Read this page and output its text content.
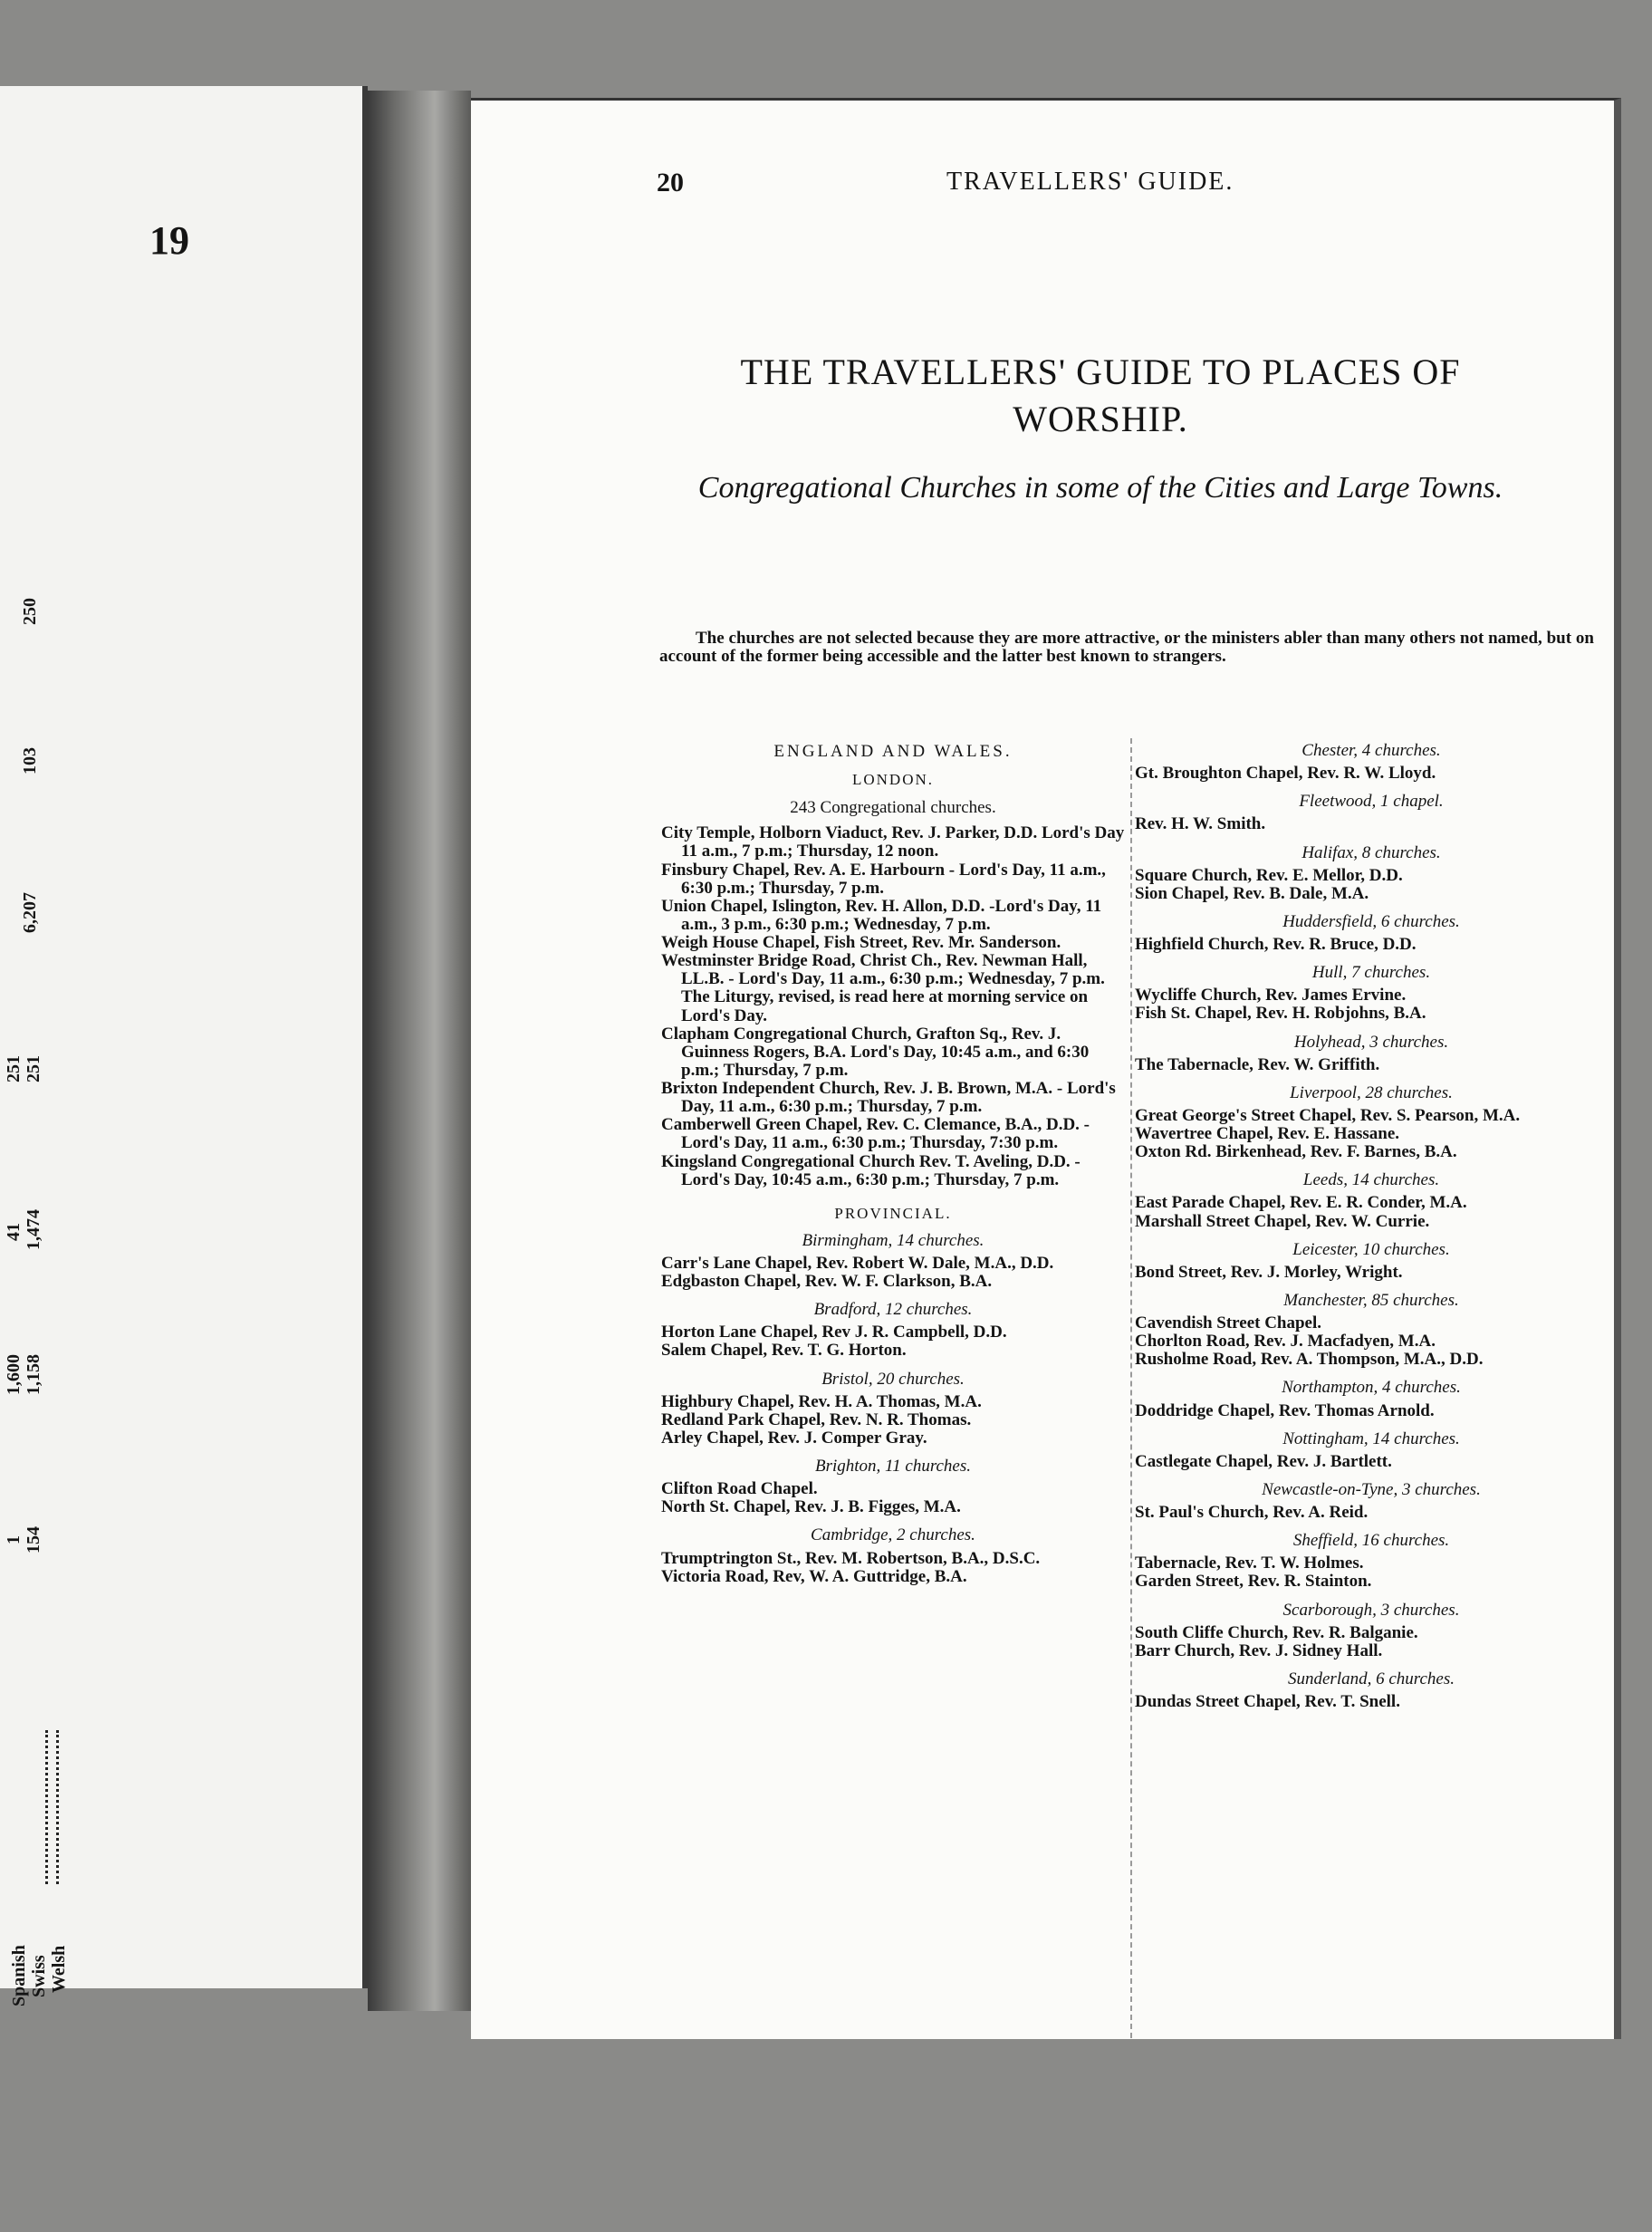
19
250
103
6,207
251 251
41 1,474
1,600 1,158
1 154
Spanish Swiss Welsh
20	TRAVELLERS' GUIDE.
THE TRAVELLERS' GUIDE TO PLACES OF
WORSHIP.
Congregational Churches in some of the Cities and Large Towns.
The churches are not selected because they are more attractive, or the ministers abler than many others not named, but on account of the former being accessible and the latter best known to strangers.
ENGLAND AND WALES.
LONDON.
243 Congregational churches.

City Temple, Holborn Viaduct, Rev. J. Parker, D.D. Lord's Day 11 a.m., 7 p.m.; Thursday, 12 noon.

Finsbury Chapel, Rev. A. E. Harbourn - Lord's Day, 11 a.m., 6:30 p.m.; Thursday, 7 p.m.

Union Chapel, Islington, Rev. H. Allon, D.D. -Lord's Day, 11 a.m., 3 p.m., 6:30 p.m.; Wednesday, 7 p.m.

Weigh House Chapel, Fish Street, Rev. Mr. Sanderson.

Westminster Bridge Road, Christ Ch., Rev. Newman Hall, LL.B. - Lord's Day, 11 a.m., 6:30 p.m.; Wednesday, 7 p.m. The Liturgy, revised, is read here at morning service on Lord's Day.

Clapham Congregational Church, Grafton Sq., Rev. J. Guinness Rogers, B.A. Lord's Day, 10:45 a.m., and 6:30 p.m.; Thursday, 7 p.m.

Brixton Independent Church, Rev. J. B. Brown, M.A. - Lord's Day, 11 a.m., 6:30 p.m.; Thursday, 7 p.m.

Camberwell Green Chapel, Rev. C. Clemance, B.A., D.D. - Lord's Day, 11 a.m., 6:30 p.m.; Thursday, 7:30 p.m.

Kingsland Congregational Church Rev. T. Aveling, D.D. - Lord's Day, 10:45 a.m., 6:30 p.m.; Thursday, 7 p.m.

PROVINCIAL.
Birmingham, 14 churches.

Carr's Lane Chapel, Rev. Robert W. Dale, M.A., D.D.

Edgbaston Chapel, Rev. W. F. Clarkson, B.A.

Bradford, 12 churches.

Horton Lane Chapel, Rev J. R. Campbell, D.D.

Salem Chapel, Rev. T. G. Horton.

Bristol, 20 churches.

Highbury Chapel, Rev. H. A. Thomas, M.A.

Redland Park Chapel, Rev. N. R. Thomas.

Arley Chapel, Rev. J. Comper Gray.

Brighton, 11 churches.

Clifton Road Chapel.

North St. Chapel, Rev. J. B. Figges, M.A.

Cambridge, 2 churches.

Trumptrington St., Rev. M. Robertson, B.A., D.S.C.

Victoria Road, Rev, W. A. Guttridge, B.A.

Chester, 4 churches.

Gt. Broughton Chapel, Rev. R. W. Lloyd.

Fleetwood, 1 chapel.

Rev. H. W. Smith.

Halifax, 8 churches.

Square Church, Rev. E. Mellor, D.D.

Sion Chapel, Rev. B. Dale, M.A.

Huddersfield, 6 churches.

Highfield Church, Rev. R. Bruce, D.D.

Hull, 7 churches.

Wycliffe Church, Rev. James Ervine.

Fish St. Chapel, Rev. H. Robjohns, B.A.

Holyhead, 3 churches.

The Tabernacle, Rev. W. Griffith.

Liverpool, 28 churches.

Great George's Street Chapel, Rev. S. Pearson, M.A.

Wavertree Chapel, Rev. E. Hassane.

Oxton Rd. Birkenhead, Rev. F. Barnes, B.A.

Leeds, 14 churches.

East Parade Chapel, Rev. E. R. Conder, M.A.

Marshall Street Chapel, Rev. W. Currie.

Leicester, 10 churches.

Bond Street, Rev. J. Morley, Wright.

Manchester, 85 churches.

Cavendish Street Chapel.

Chorlton Road, Rev. J. Macfadyen, M.A.

Rusholme Road, Rev. A. Thompson, M.A., D.D.

Northampton, 4 churches.

Doddridge Chapel, Rev. Thomas Arnold.

Nottingham, 14 churches.

Castlegate Chapel, Rev. J. Bartlett.

Newcastle-on-Tyne, 3 churches.

St. Paul's Church, Rev. A. Reid.

Sheffield, 16 churches.

Tabernacle, Rev. T. W. Holmes.

Garden Street, Rev. R. Stainton.

Scarborough, 3 churches.

South Cliffe Church, Rev. R. Balganie.

Barr Church, Rev. J. Sidney Hall.

Sunderland, 6 churches.

Dundas Street Chapel, Rev. T. Snell.
